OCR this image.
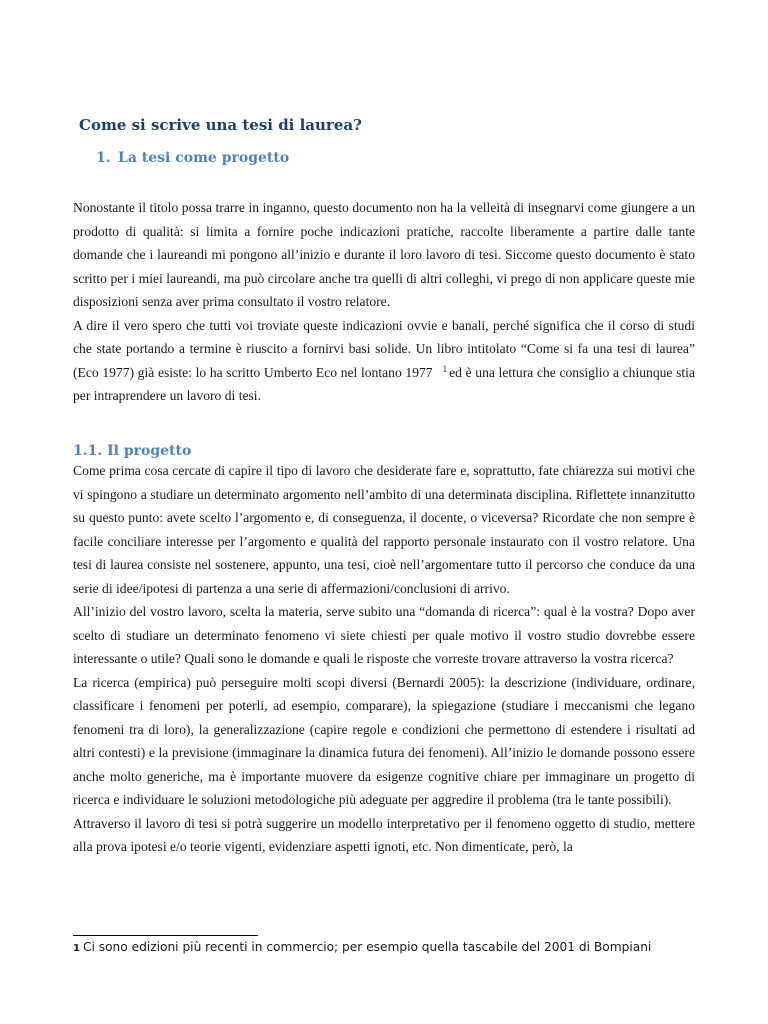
Come si scrive una tesi di laurea?
1. La tesi come progetto

Nonostante il titolo possa trarre in inganno, questo documento non ha la velleità di insegnarvi come giungere a un prodotto di qualità: si limita a fornire poche indicazioni pratiche, raccolte liberamente a partire dalle tante domande che i laureandi mi pongono all’inizio e durante il loro lavoro di tesi. Siccome questo documento è stato scritto per i miei laureandi, ma può circolare anche tra quelli di altri colleghi, vi prego di non applicare queste mie disposizioni senza aver prima consultato il vostro relatore.

A dire il vero spero che tutti voi troviate queste indicazioni ovvie e banali, perché significa che il corso di studi che state portando a termine è riuscito a fornirvi basi solide. Un libro intitolato “Come si fa una tesi di laurea” (Eco 1977) già esiste: lo ha scritto Umberto Eco nel lontano 1977 $^1$ ed è una lettura che consiglio a chiunque stia per intraprendere un lavoro di tesi.

1.1. Il progetto

Come prima cosa cercate di capire il tipo di lavoro che desiderate fare e, soprattutto, fate chiarezza sui motivi che vi spingono a studiare un determinato argomento nell’ambito di una determinata disciplina. Riflettete innanzitutto su questo punto: avete scelto l’argomento e, di conseguenza, il docente, o viceversa? Ricordate che non sempre è facile conciliare interesse per l’argomento e qualità del rapporto personale instaurato con il vostro relatore. Una tesi di laurea consiste nel sostenere, appunto, una tesi, cioè nell’argomentare tutto il percorso che conduce da una serie di idee/ipotesi di partenza a una serie di affermazioni/conclusioni di arrivo.

All’inizio del vostro lavoro, scelta la materia, serve subito una “domanda di ricerca”: qual è la vostra? Dopo aver scelto di studiare un determinato fenomeno vi siete chiesti per quale motivo il vostro studio dovrebbe essere interessante o utile? Quali sono le domande e quali le risposte che vorreste trovare attraverso la vostra ricerca?

La ricerca (empirica) può perseguire molti scopi diversi (Bernardi 2005): la descrizione (individuare, ordinare, classificare i fenomeni per poterli, ad esempio, comparare), la spiegazione (studiare i meccanismi che legano fenomeni tra di loro), la generalizzazione (capire regole e condizioni che permettono di estendere i risultati ad altri contesti) e la previsione (immaginare la dinamica futura dei fenomeni). All’inizio le domande possono essere anche molto generiche, ma è importante muovere da esigenze cognitive chiare per immaginare un progetto di ricerca e individuare le soluzioni metodologiche più adeguate per aggredire il problema (tra le tante possibili).

Attraverso il lavoro di tesi si potrà suggerire un modello interpretativo per il fenomeno oggetto di studio, mettere alla prova ipotesi e/o teorie vigenti, evidenziare aspetti ignoti, etc. Non dimenticate, però, la

1 Ci sono edizioni più recenti in commercio; per esempio quella tascabile del 2001 di Bompiani
